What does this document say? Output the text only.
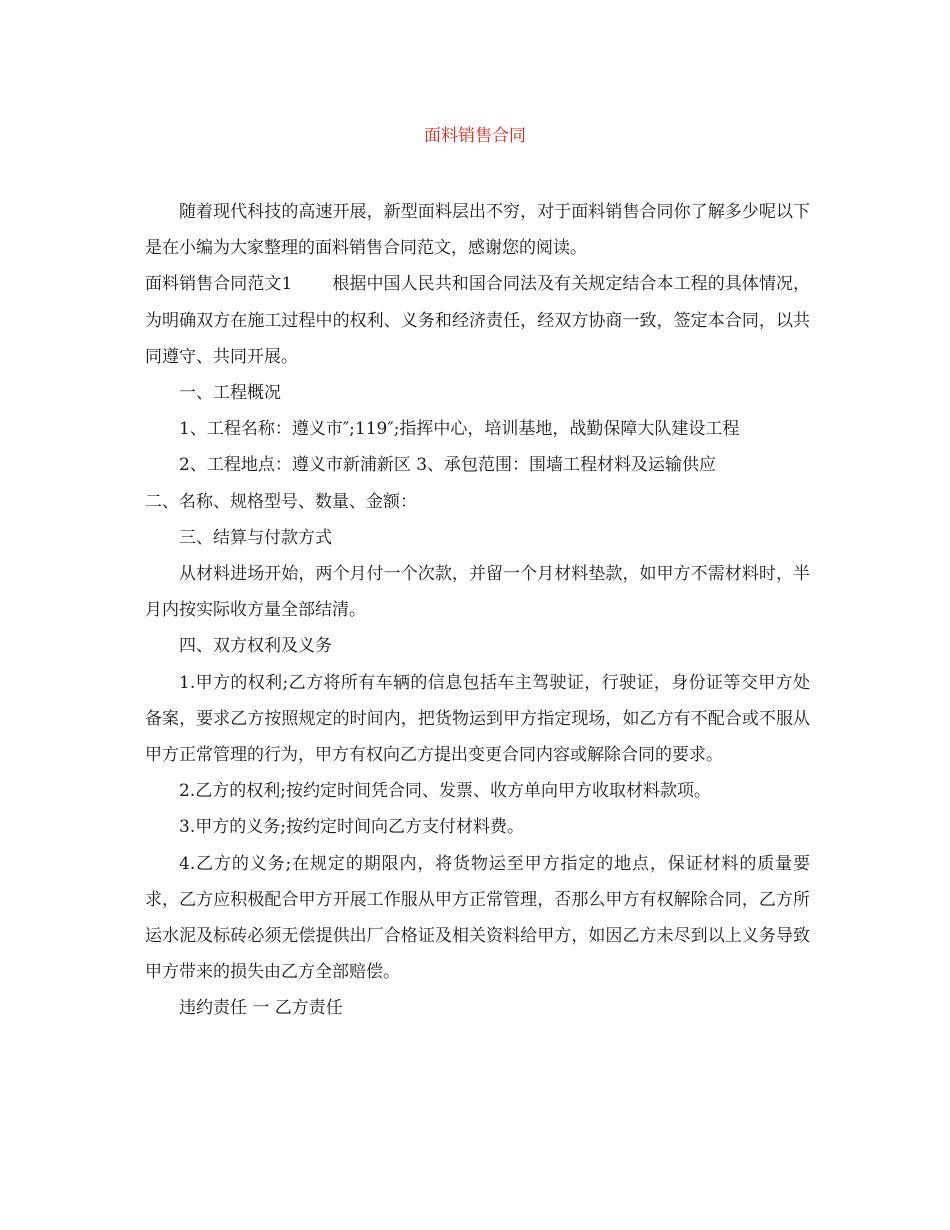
面料销售合同

随着现代科技的高速开展，新型面料层出不穷，对于面料销售合同你了解多少呢以下是在小编为大家整理的面料销售合同范文，感谢您的阅读。

面料销售合同范文1 根据中国人民共和国合同法及有关规定结合本工程的具体情况，为明确双方在施工过程中的权利、义务和经济责任，经双方协商一致，签定本合同，以共同遵守、共同开展。

一、工程概况

1、工程名称：遵义市″;119″;指挥中心，培训基地，战勤保障大队建设工程

2、工程地点：遵义市新浦新区 3、承包范围：围墙工程材料及运输供应

二、名称、规格型号、数量、金额：

三、结算与付款方式

从材料进场开始，两个月付一个次款，并留一个月材料垫款，如甲方不需材料时，半月内按实际收方量全部结清。

四、双方权利及义务

1.甲方的权利;乙方将所有车辆的信息包括车主驾驶证，行驶证，身份证等交甲方处备案，要求乙方按照规定的时间内，把货物运到甲方指定现场，如乙方有不配合或不服从甲方正常管理的行为，甲方有权向乙方提出变更合同内容或解除合同的要求。

2.乙方的权利;按约定时间凭合同、发票、收方单向甲方收取材料款项。

3.甲方的义务;按约定时间向乙方支付材料费。

4.乙方的义务;在规定的期限内，将货物运至甲方指定的地点，保证材料的质量要求，乙方应积极配合甲方开展工作服从甲方正常管理，否那么甲方有权解除合同，乙方所运水泥及标砖必须无偿提供出厂合格证及相关资料给甲方，如因乙方未尽到以上义务导致甲方带来的损失由乙方全部赔偿。

违约责任 一 乙方责任
